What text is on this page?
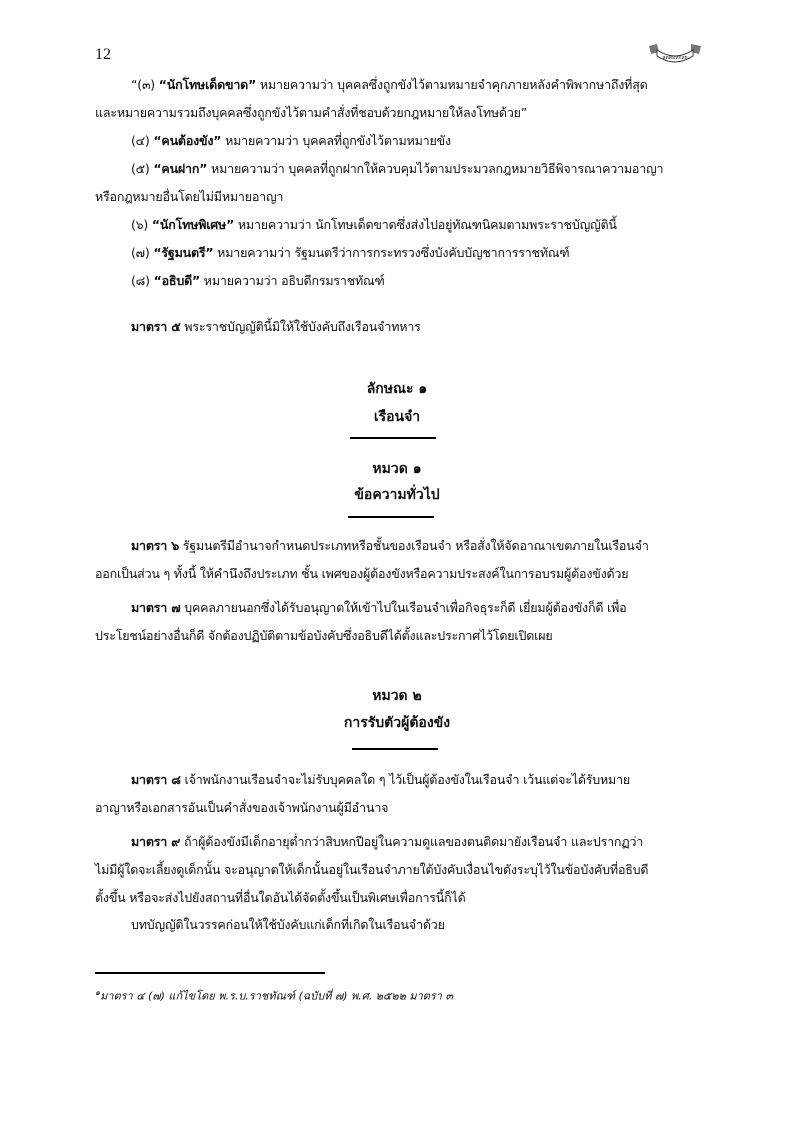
12	สุตติมหกัสย
“(๓) “นักโทษเด็ดขาด” หมายความว่า บุคคลซึ่งถูกขังไว้ตามหมายจำคุกภายหลังคำพิพากษาถึงที่สุด
และหมายความรวมถึงบุคคลซึ่งถูกขังไว้ตามคำสั่งที่ชอบด้วยกฎหมายให้ลงโทษด้วย”
(๔) “คนต้องขัง” หมายความว่า บุคคลที่ถูกขังไว้ตามหมายขัง
(๕) “คนฝาก” หมายความว่า บุคคลที่ถูกฝากให้ควบคุมไว้ตามประมวลกฎหมายวิธีพิจารณาความอาญา
หรือกฎหมายอื่นโดยไม่มีหมายอาญา
(๖) “นักโทษพิเศษ” หมายความว่า นักโทษเด็ดขาดซึ่งส่งไปอยู่ทัณฑนิคมตามพระราชบัญญัตินี้
(๗) “รัฐมนตรี” หมายความว่า รัฐมนตรีว่าการกระทรวงซึ่งบังคับบัญชาการราชทัณฑ์
(๘) “อธิบดี” หมายความว่า อธิบดีกรมราชทัณฑ์
มาตรา ๕ พระราชบัญญัตินี้มิให้ใช้บังคับถึงเรือนจำทหาร
ลักษณะ ๑
เรือนจำ
หมวด ๑
ข้อความทั่วไป
มาตรา ๖ รัฐมนตรีมีอำนาจกำหนดประเภทหรือชั้นของเรือนจำ หรือสั่งให้จัดอาณาเขตภายในเรือนจำ
ออกเป็นส่วน ๆ ทั้งนี้ ให้คำนึงถึงประเภท ชั้น เพศของผู้ต้องขังหรือความประสงค์ในการอบรมผู้ต้องขังด้วย
มาตรา ๗ บุคคลภายนอกซึ่งได้รับอนุญาตให้เข้าไปในเรือนจำเพื่อกิจธุระก็ดี เยี่ยมผู้ต้องขังก็ดี เพื่อ
ประโยชน์อย่างอื่นก็ดี จักต้องปฏิบัติตามข้อบังคับซึ่งอธิบดีได้ตั้งและประกาศไว้โดยเปิดเผย
หมวด ๒
การรับตัวผู้ต้องขัง
มาตรา ๘ เจ้าพนักงานเรือนจำจะไม่รับบุคคลใด ๆ ไว้เป็นผู้ต้องขังในเรือนจำ เว้นแต่จะได้รับหมาย
อาญาหรือเอกสารอันเป็นคำสั่งของเจ้าพนักงานผู้มีอำนาจ
มาตรา ๙ ถ้าผู้ต้องขังมีเด็กอายุต่ำกว่าสิบหกปีอยู่ในความดูแลของตนติดมายังเรือนจำ และปรากฏว่า
ไม่มีผู้ใดจะเลี้ยงดูเด็กนั้น จะอนุญาตให้เด็กนั้นอยู่ในเรือนจำภายใต้บังคับเงื่อนไขดังระบุไว้ในข้อบังคับที่อธิบดี
ตั้งขึ้น หรือจะส่งไปยังสถานที่อื่นใดอันได้จัดตั้งขึ้นเป็นพิเศษเพื่อการนี้ก็ได้
บทบัญญัติในวรรคก่อนให้ใช้บังคับแก่เด็กที่เกิดในเรือนจำด้วย
$^๑$มาตรา ๔ (๗) แก้ไขโดย พ.ร.บ.ราชทัณฑ์ (ฉบับที่ ๗) พ.ศ. ๒๕๒๒ มาตรา ๓
